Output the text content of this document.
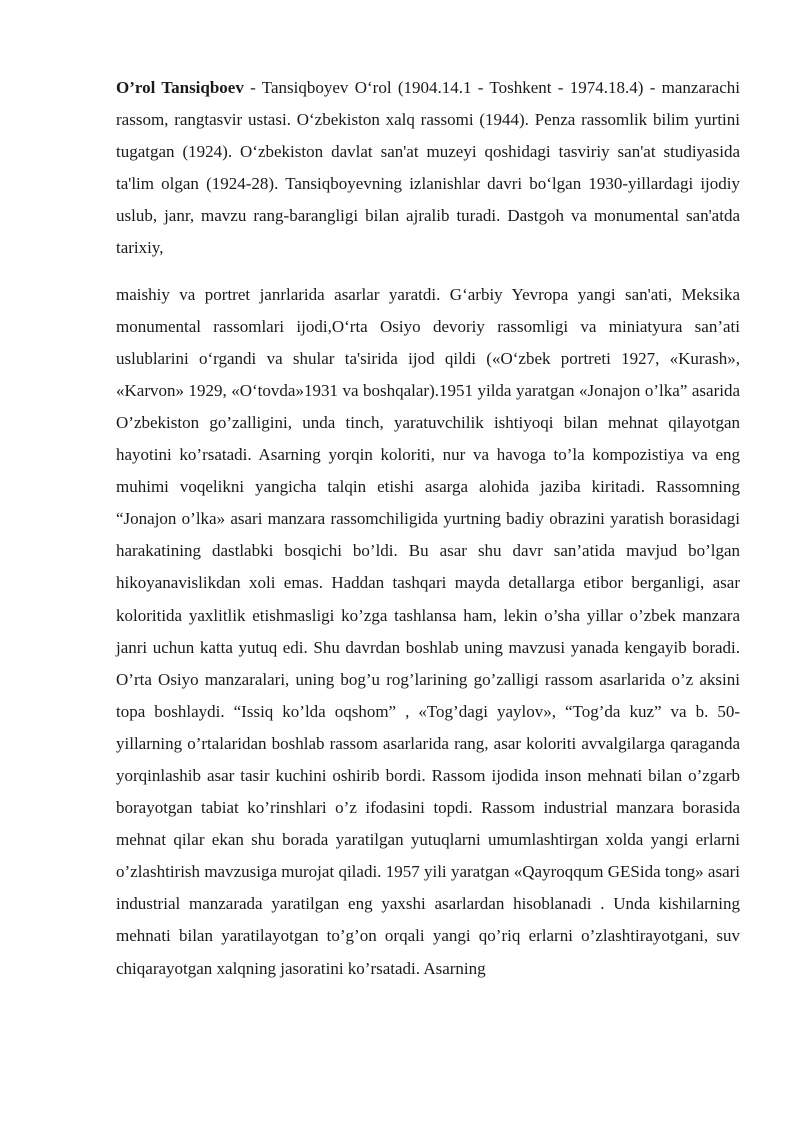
O’rol Tansiqboev - Tansiqboyev O‘rol (1904.14.1 - Toshkent - 1974.18.4) - manzarachi rassom, rangtasvir ustasi. O‘zbekiston xalq rassomi (1944). Penza rassomlik bilim yurtini tugatgan (1924). O‘zbekiston davlat san'at muzeyi qoshidagi tasviriy san'at studiyasida ta'lim olgan (1924-28). Tansiqboyevning izlanishlar davri bo‘lgan 1930-yillardagi ijodiy uslub, janr, mavzu rang-barangligi bilan ajralib turadi. Dastgoh va monumental san'atda tarixiy,

maishiy va portret janrlarida asarlar yaratdi. G‘arbiy Yevropa yangi san'ati, Meksika monumental rassomlari ijodi,O‘rta Osiyo devoriy rassomligi va miniatyura san’ati uslublarini o‘rgandi va shular ta'sirida ijod qildi («O‘zbek portreti 1927, «Kurash», «Karvon» 1929, «O‘tovda»1931 va boshqalar).1951 yilda yaratgan «Jonajon o’lka” asarida O’zbekiston go’zalligini, unda tinch, yaratuvchilik ishtiyoqi bilan mehnat qilayotgan hayotini ko’rsatadi. Asarning yorqin koloriti, nur va havoga to’la kompozistiya va eng muhimi voqelikni yangicha talqin etishi asarga alohida jaziba kiritadi. Rassomning “Jonajon o’lka» asari manzara rassomchiligida yurtning badiy obrazini yaratish borasidagi harakatining dastlabki bosqichi bo’ldi. Bu asar shu davr san’atida mavjud bo’lgan hikoyanavislikdan xoli emas. Haddan tashqari mayda detallarga etibor berganligi, asar koloritida yaxlitlik etishmasligi ko’zga tashlansa ham, lekin o’sha yillar o’zbek manzara janri uchun katta yutuq edi. Shu davrdan boshlab uning mavzusi yanada kengayib boradi. O’rta Osiyo manzaralari, uning bog’u rog’larining go’zalligi rassom asarlarida o’z aksini topa boshlaydi. “Issiq ko’lda oqshom” , «Tog’dagi yaylov», “Tog’da kuz” va b. 50- yillarning o’rtalaridan boshlab rassom asarlarida rang, asar koloriti avvalgilarga qaraganda yorqinlashib asar tasir kuchini oshirib bordi. Rassom ijodida inson mehnati bilan o’zgarb borayotgan tabiat ko’rinshlari o’z ifodasini topdi. Rassom industrial manzara borasida mehnat qilar ekan shu borada yaratilgan yutuqlarni umumlashtirgan xolda yangi erlarni o’zlashtirish mavzusiga murojat qiladi. 1957 yili yaratgan «Qayroqqum GESida tong» asari industrial manzarada yaratilgan eng yaxshi asarlardan hisoblanadi . Unda kishilarning mehnati bilan yaratilayotgan to’g’on orqali yangi qo’riq erlarni o’zlashtirayotgani, suv chiqarayotgan xalqning jasoratini ko’rsatadi. Asarning
